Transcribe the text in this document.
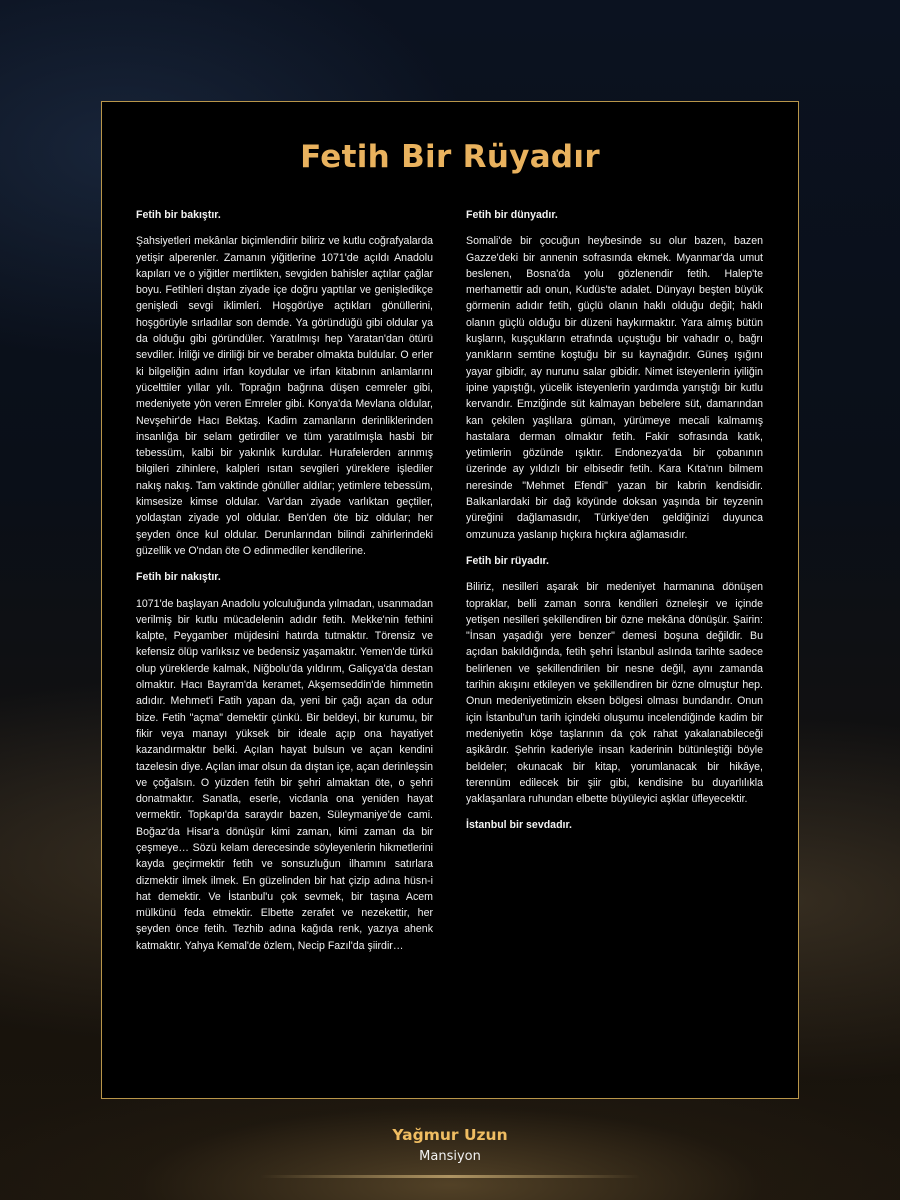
Fetih Bir Rüyadır
Fetih bir bakıştır.

Şahsiyetleri mekânlar biçimlendirir biliriz ve kutlu coğrafyalarda yetişir alperenler. Zamanın yiğitlerine 1071'de açıldı Anadolu kapıları ve o yiğitler mertlikten, sevgiden bahisler açtılar çağlar boyu. Fetihleri dıştan ziyade içe doğru yaptılar ve genişledikçe genişledi sevgi iklimleri. Hoşgörüye açtıkları gönüllerini, hoşgörüyle sırladılar son demde. Ya göründüğü gibi oldular ya da olduğu gibi göründüler. Yaratılmışı hep Yaratan'dan ötürü sevdiler. İriliği ve diriliği bir ve beraber olmakta buldular. O erler ki bilgeliğin adını irfan koydular ve irfan kitabının anlamlarını yücelttiler yıllar yılı. Toprağın bağrına düşen cemreler gibi, medeniyete yön veren Emreler gibi. Konya'da Mevlana oldular, Nevşehir'de Hacı Bektaş. Kadim zamanların derinliklerinden insanlığa bir selam getirdiler ve tüm yaratılmışla hasbi bir tebessüm, kalbi bir yakınlık kurdular. Hurafelerden arınmış bilgileri zihinlere, kalpleri ısıtan sevgileri yüreklere işlediler nakış nakış. Tam vaktinde gönüller aldılar; yetimlere tebessüm, kimsesize kimse oldular. Var'dan ziyade varlıktan geçtiler, yoldaştan ziyade yol oldular. Ben'den öte biz oldular; her şeyden önce kul oldular. Derunlarından bilindi zahirlerindeki güzellik ve O'ndan öte O edinmediler kendilerine.

Fetih bir nakıştır.

1071'de başlayan Anadolu yolculuğunda yılmadan, usanmadan verilmiş bir kutlu mücadelenin adıdır fetih. Mekke'nin fethini kalpte, Peygamber müjdesini hatırda tutmaktır. Törensiz ve kefensiz ölüp varlıksız ve bedensiz yaşamaktır. Yemen'de türkü olup yüreklerde kalmak, Niğbolu'da yıldırım, Galiçya'da destan olmaktır. Hacı Bayram'da keramet, Akşemseddin'de himmetin adıdır. Mehmet'i Fatih yapan da, yeni bir çağı açan da odur bize. Fetih "açma" demektir çünkü. Bir beldeyi, bir kurumu, bir fikir veya manayı yüksek bir ideale açıp ona hayatiyet kazandırmaktır belki. Açılan hayat bulsun ve açan kendini tazelesin diye. Açılan imar olsun da dıştan içe, açan derinleşsin ve çoğalsın. O yüzden fetih bir şehri almaktan öte, o şehri donatmaktır. Sanatla, eserle, vicdanla ona yeniden hayat vermektir. Topkapı'da saraydır bazen, Süleymaniye'de cami. Boğaz'da Hisar'a dönüşür kimi zaman, kimi zaman da bir çeşmeye… Sözü kelam derecesinde söyleyenlerin hikmetlerini kayda geçirmektir fetih ve sonsuzluğun ilhamını satırlara dizmektir ilmek ilmek. En güzelinden bir hat çizip adına hüsn-i hat demektir. Ve İstanbul'u çok sevmek, bir taşına Acem mülkünü feda etmektir. Elbette zerafet ve nezekettir, her şeyden önce fetih. Tezhib adına kağıda renk, yazıya ahenk katmaktır. Yahya Kemal'de özlem, Necip Fazıl'da şiirdir…

Fetih bir dünyadır.

Somali'de bir çocuğun heybesinde su olur bazen, bazen Gazze'deki bir annenin sofrasında ekmek. Myanmar'da umut beslenen, Bosna'da yolu gözlenendir fetih. Halep'te merhamettir adı onun, Kudüs'te adalet. Dünyayı beşten büyük görmenin adıdır fetih, güçlü olanın haklı olduğu değil; haklı olanın güçlü olduğu bir düzeni haykırmaktır. Yara almış bütün kuşların, kuşçukların etrafında uçuştuğu bir vahadır o, bağrı yanıkların semtine koştuğu bir su kaynağıdır. Güneş ışığını yayar gibidir, ay nurunu salar gibidir. Nimet isteyenlerin iyiliğin ipine yapıştığı, yücelik isteyenlerin yardımda yarıştığı bir kutlu kervandır. Emziğinde süt kalmayan bebelere süt, damarından kan çekilen yaşlılara güman, yürümeye mecali kalmamış hastalara derman olmaktır fetih. Fakir sofrasında katık, yetimlerin gözünde ışıktır. Endonezya'da bir çobanının üzerinde ay yıldızlı bir elbisedir fetih. Kara Kıta'nın bilmem neresinde "Mehmet Efendi" yazan bir kabrin kendisidir. Balkanlardaki bir dağ köyünde doksan yaşında bir teyzenin yüreğini dağlamasıdır, Türkiye'den geldiğinizi duyunca omzunuza yaslanıp hıçkıra hıçkıra ağlamasıdır.

Fetih bir rüyadır.

Biliriz, nesilleri aşarak bir medeniyet harmanına dönüşen topraklar, belli zaman sonra kendileri özneleşir ve içinde yetişen nesilleri şekillendiren bir özne mekâna dönüşür. Şairin: "İnsan yaşadığı yere benzer" demesi boşuna değildir. Bu açıdan bakıldığında, fetih şehri İstanbul aslında tarihte sadece belirlenen ve şekillendirilen bir nesne değil, aynı zamanda tarihin akışını etkileyen ve şekillendiren bir özne olmuştur hep. Onun medeniyetimizin eksen bölgesi olması bundandır. Onun için İstanbul'un tarih içindeki oluşumu incelendiğinde kadim bir medeniyetin köşe taşlarının da çok rahat yakalanabileceği aşikârdır. Şehrin kaderiyle insan kaderinin bütünleştiği böyle beldeler; okunacak bir kitap, yorumlanacak bir hikâye, terennüm edilecek bir şiir gibi, kendisine bu duyarlılıkla yaklaşanlara ruhundan elbette büyüleyici aşklar üfleyecektir.

İstanbul bir sevdadır.
Yağmur Uzun
Mansiyon
